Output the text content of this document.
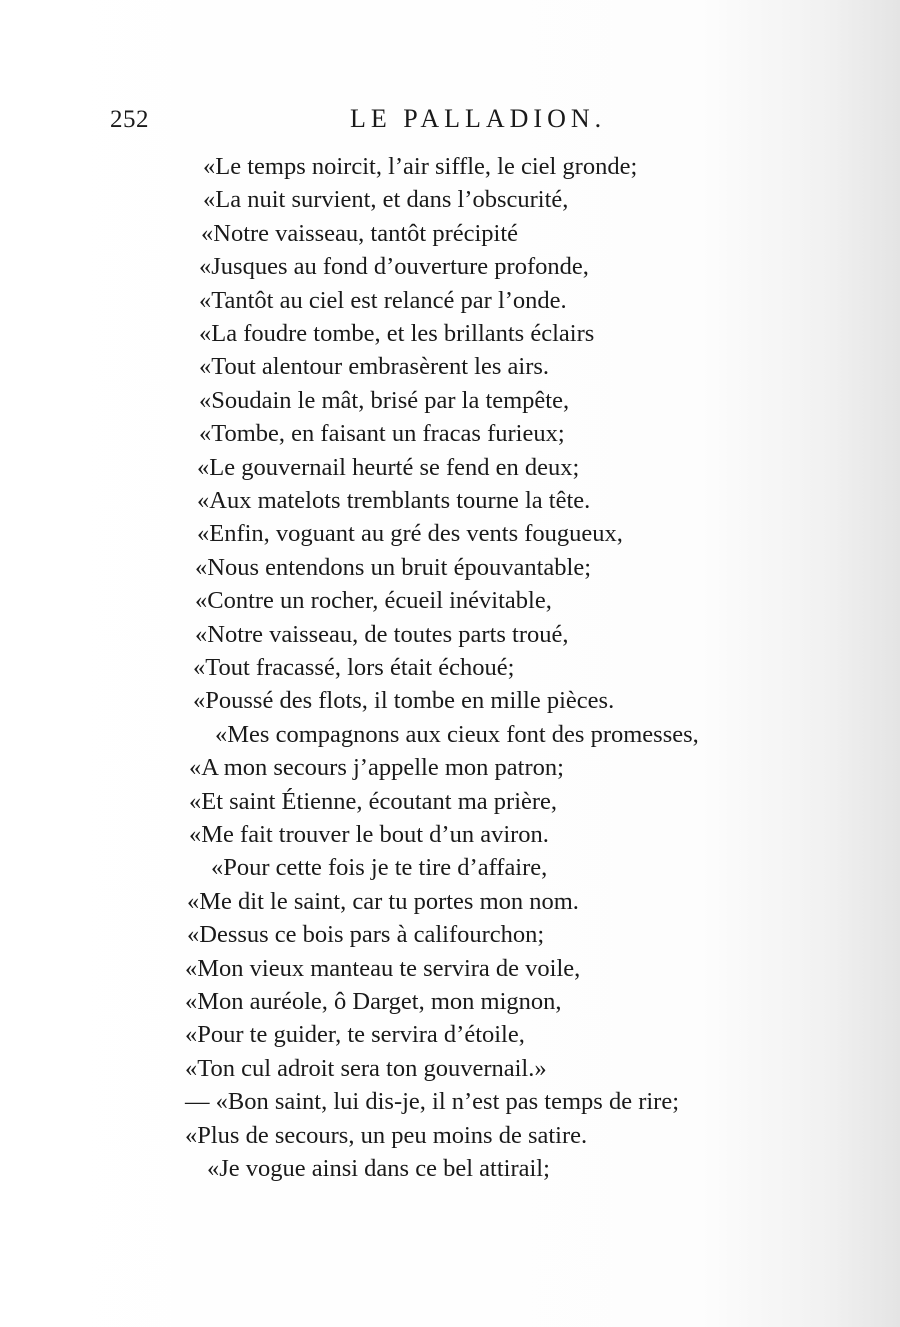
252	LE PALLADION.
«Le temps noircit, l’air siffle, le ciel gronde;
«La nuit survient, et dans l’obscurité,
«Notre vaisseau, tantôt précipité
«Jusques au fond d’ouverture profonde,
«Tantôt au ciel est relancé par l’onde.
«La foudre tombe, et les brillants éclairs
«Tout alentour embrasèrent les airs.
«Soudain le mât, brisé par la tempête,
«Tombe, en faisant un fracas furieux;
«Le gouvernail heurté se fend en deux;
«Aux matelots tremblants tourne la tête.
«Enfin, voguant au gré des vents fougueux,
«Nous entendons un bruit épouvantable;
«Contre un rocher, écueil inévitable,
«Notre vaisseau, de toutes parts troué,
«Tout fracassé, lors était échoué;
«Poussé des flots, il tombe en mille pièces.
«Mes compagnons aux cieux font des promesses,
«A mon secours j’appelle mon patron;
«Et saint Étienne, écoutant ma prière,
«Me fait trouver le bout d’un aviron.
«Pour cette fois je te tire d’affaire,
«Me dit le saint, car tu portes mon nom.
«Dessus ce bois pars à califourchon;
«Mon vieux manteau te servira de voile,
«Mon auréole, ô Darget, mon mignon,
«Pour te guider, te servira d’étoile,
«Ton cul adroit sera ton gouvernail.»
— «Bon saint, lui dis-je, il n’est pas temps de rire;
«Plus de secours, un peu moins de satire.
«Je vogue ainsi dans ce bel attirail;
